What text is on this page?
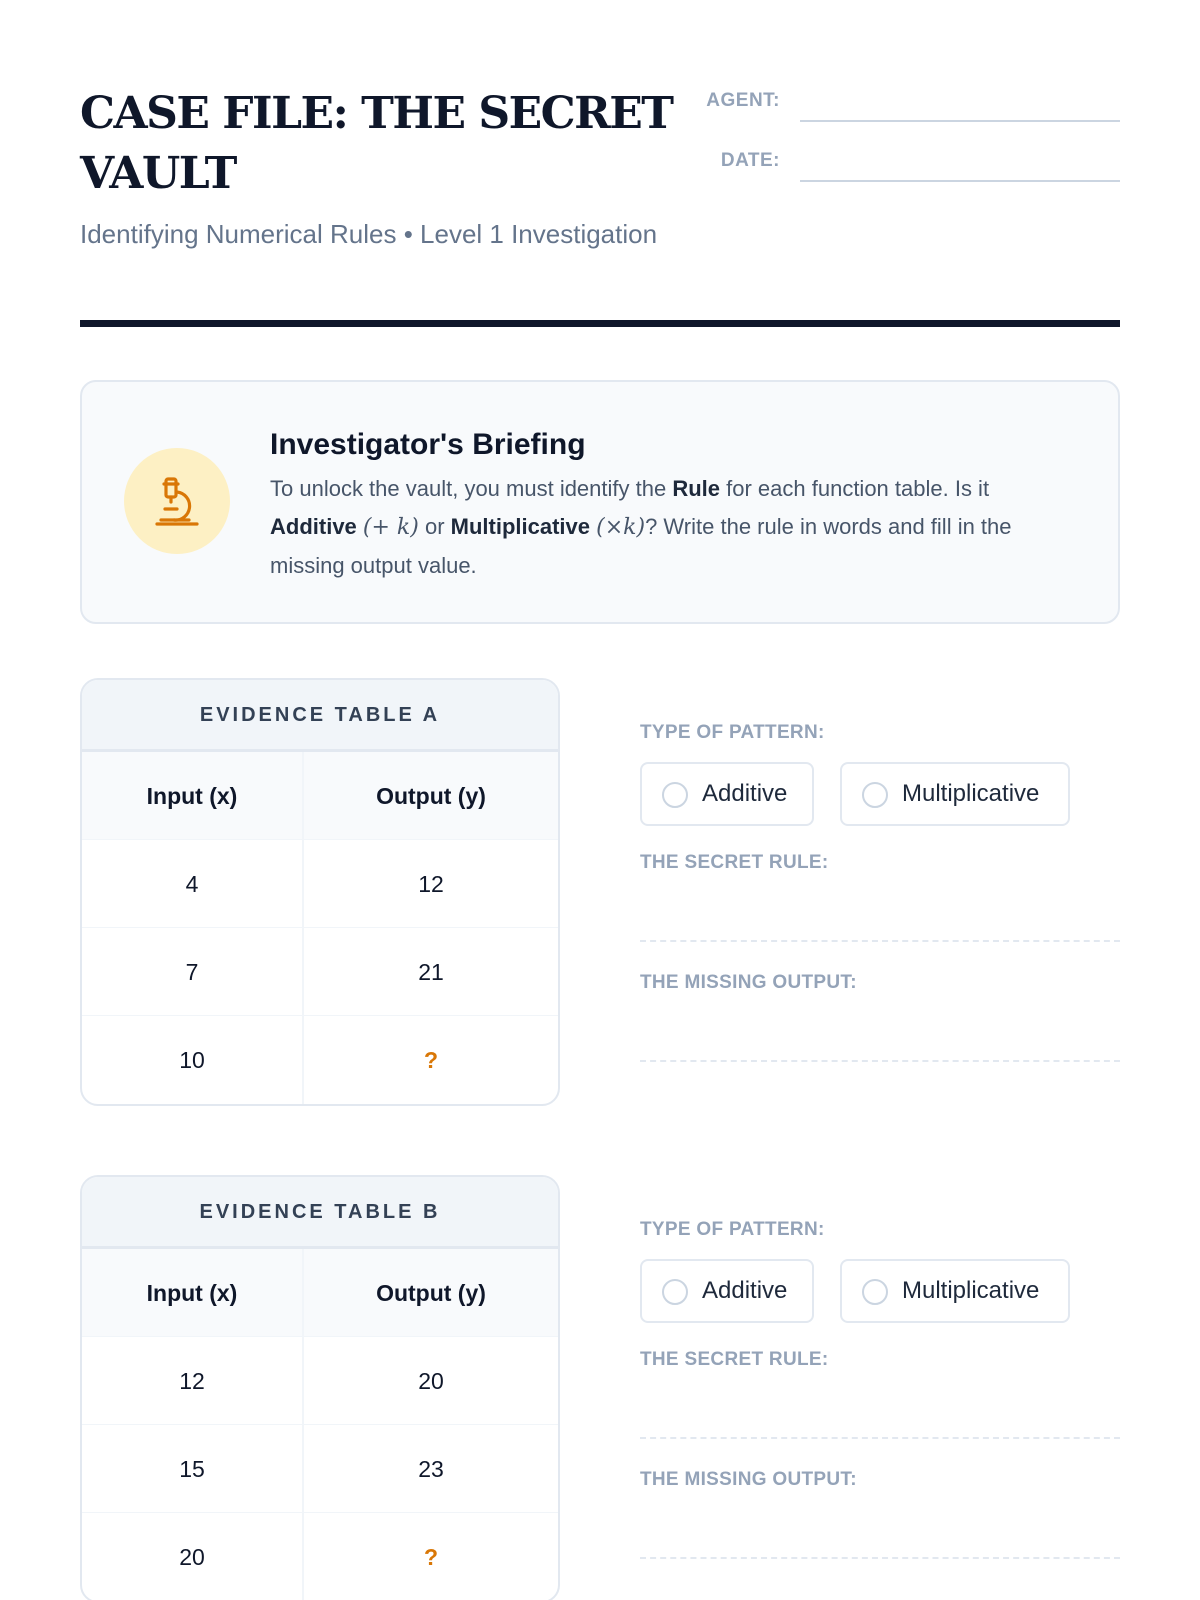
CASE FILE: THE SECRET VAULT
Identifying Numerical Rules • Level 1 Investigation
AGENT:
DATE:
Investigator's Briefing
To unlock the vault, you must identify the Rule for each function table. Is it Additive (+ k) or Multiplicative (×k)? Write the rule in words and fill in the missing output value.
EVIDENCE TABLE A
Input (x)	Output (y)
4	12
7	21
10	?
TYPE OF PATTERN:
Additive	Multiplicative
THE SECRET RULE:
THE MISSING OUTPUT:
EVIDENCE TABLE B
Input (x)	Output (y)
12	20
15	23
20	?
TYPE OF PATTERN:
Additive	Multiplicative
THE SECRET RULE:
THE MISSING OUTPUT:
